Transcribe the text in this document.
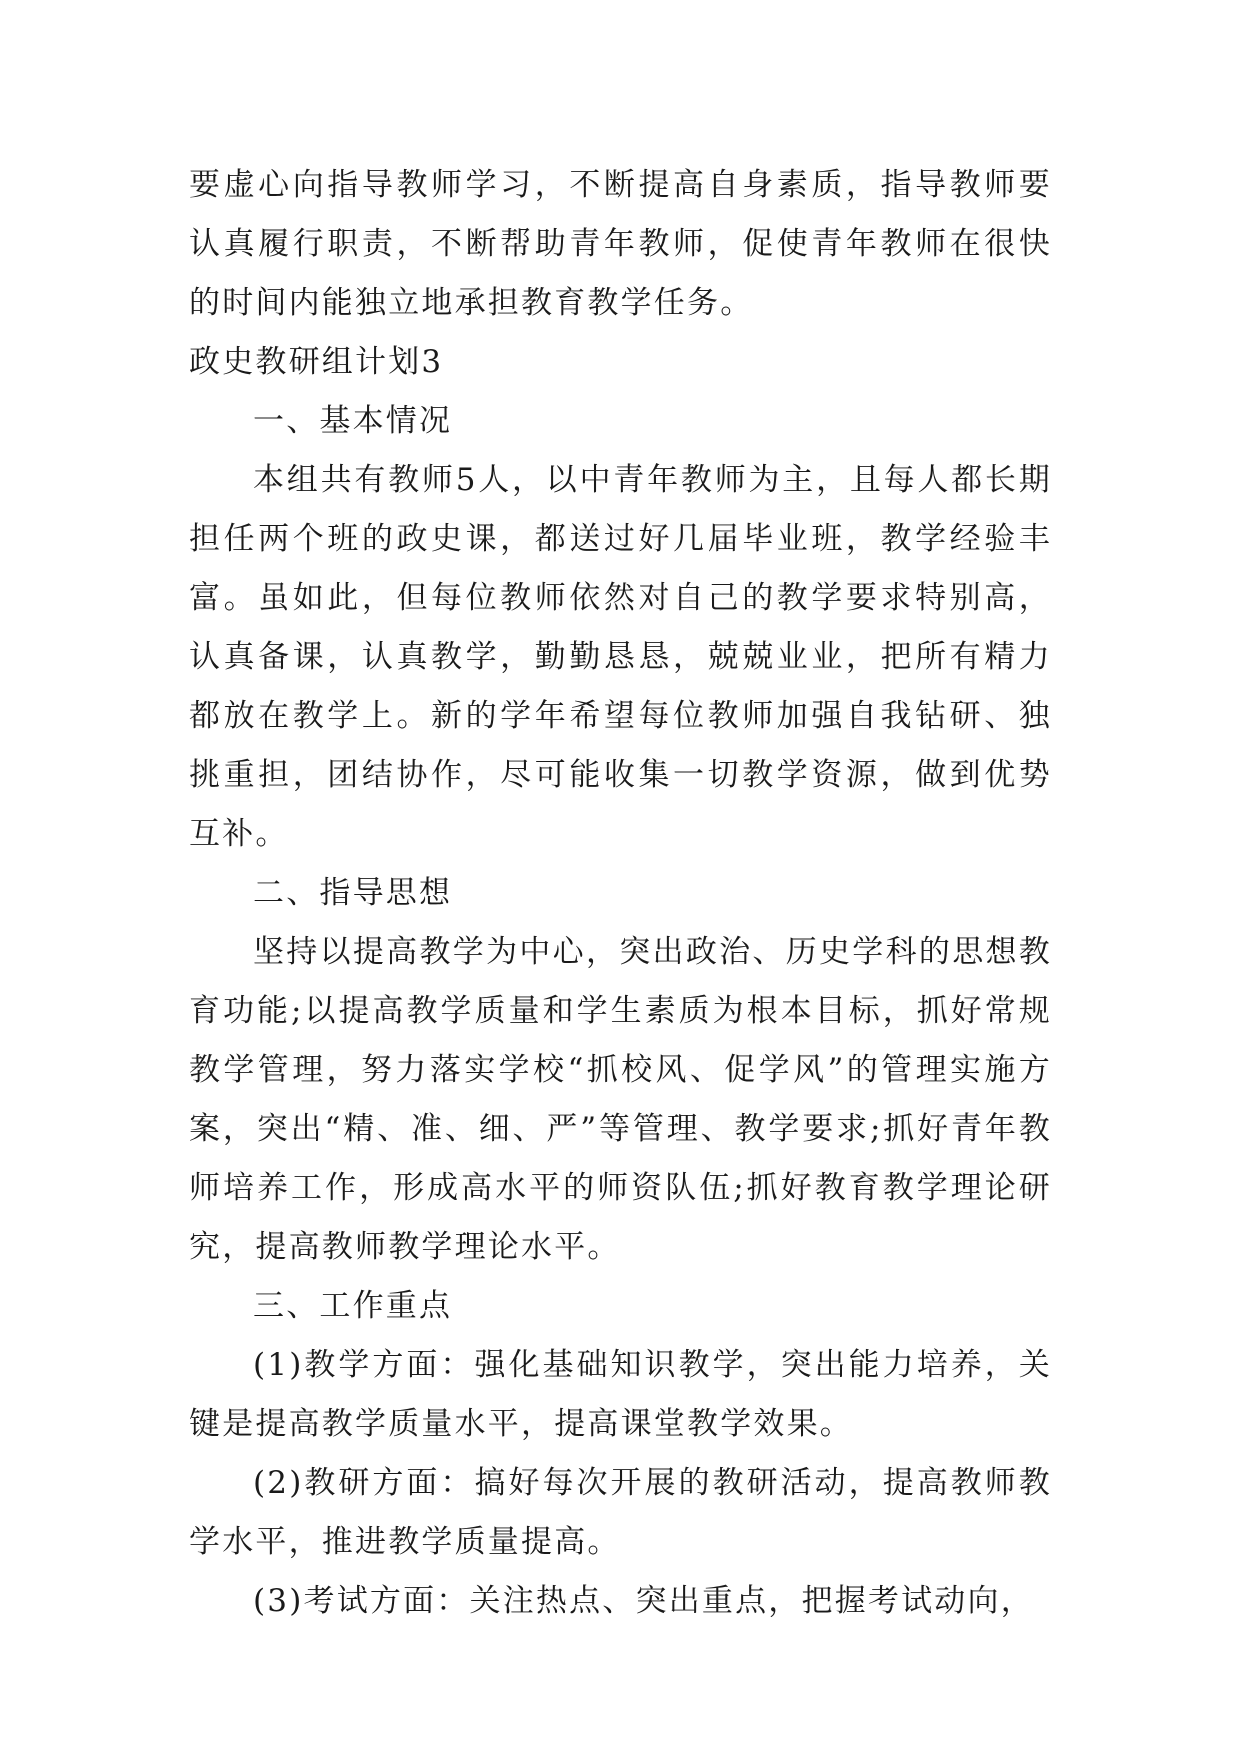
要虚心向指导教师学习，不断提高自身素质，指导教师要认真履行职责，不断帮助青年教师，促使青年教师在很快的时间内能独立地承担教育教学任务。

政史教研组计划3

一、基本情况

本组共有教师5人，以中青年教师为主，且每人都长期担任两个班的政史课，都送过好几届毕业班，教学经验丰富。虽如此，但每位教师依然对自己的教学要求特别高，认真备课，认真教学，勤勤恳恳，兢兢业业，把所有精力都放在教学上。新的学年希望每位教师加强自我钻研、独挑重担，团结协作，尽可能收集一切教学资源，做到优势互补。

二、指导思想

坚持以提高教学为中心，突出政治、历史学科的思想教育功能;以提高教学质量和学生素质为根本目标，抓好常规教学管理，努力落实学校“抓校风、促学风”的管理实施方案，突出“精、准、细、严”等管理、教学要求;抓好青年教师培养工作，形成高水平的师资队伍;抓好教育教学理论研究，提高教师教学理论水平。

三、工作重点

(1)教学方面：强化基础知识教学，突出能力培养，关键是提高教学质量水平，提高课堂教学效果。

(2)教研方面：搞好每次开展的教研活动，提高教师教学水平，推进教学质量提高。

(3)考试方面：关注热点、突出重点，把握考试动向，
